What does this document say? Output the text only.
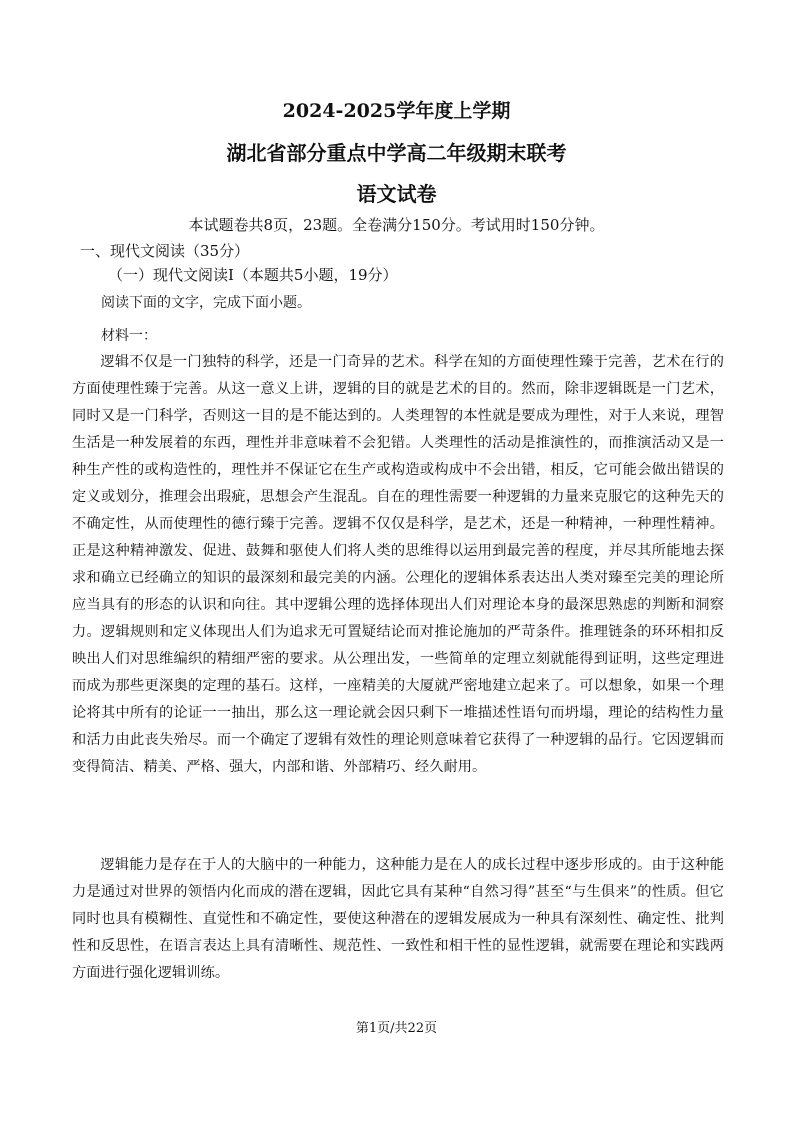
2024-2025学年度上学期
湖北省部分重点中学高二年级期末联考
语文试卷
本试题卷共8页，23题。全卷满分150分。考试用时150分钟。
一、现代文阅读（35分）
（一）现代文阅读Ⅰ（本题共5小题，19分）
阅读下面的文字，完成下面小题。
材料一：

逻辑不仅是一门独特的科学，还是一门奇异的艺术。科学在知的方面使理性臻于完善，艺术在行的方面使理性臻于完善。从这一意义上讲，逻辑的目的就是艺术的目的。然而，除非逻辑既是一门艺术，同时又是一门科学，否则这一目的是不能达到的。人类理智的本性就是要成为理性，对于人来说，理智生活是一种发展着的东西，理性并非意味着不会犯错。人类理性的活动是推演性的，而推演活动又是一种生产性的或构造性的，理性并不保证它在生产或构造或构成中不会出错，相反，它可能会做出错误的定义或划分，推理会出瑕疵，思想会产生混乱。自在的理性需要一种逻辑的力量来克服它的这种先天的不确定性，从而使理性的德行臻于完善。逻辑不仅仅是科学，是艺术，还是一种精神，一种理性精神。正是这种精神激发、促进、鼓舞和驱使人们将人类的思维得以运用到最完善的程度，并尽其所能地去探求和确立已经确立的知识的最深刻和最完美的内涵。公理化的逻辑体系表达出人类对臻至完美的理论所应当具有的形态的认识和向往。其中逻辑公理的选择体现出人们对理论本身的最深思熟虑的判断和洞察力。逻辑规则和定义体现出人们为追求无可置疑结论而对推论施加的严苛条件。推理链条的环环相扣反映出人们对思维编织的精细严密的要求。从公理出发，一些简单的定理立刻就能得到证明，这些定理进而成为那些更深奥的定理的基石。这样，一座精美的大厦就严密地建立起来了。可以想象，如果一个理论将其中所有的论证一一抽出，那么这一理论就会因只剩下一堆描述性语句而坍塌，理论的结构性力量和活力由此丧失殆尽。而一个确定了逻辑有效性的理论则意味着它获得了一种逻辑的品行。它因逻辑而变得简洁、精美、严格、强大，内部和谐、外部精巧、经久耐用。

逻辑能力是存在于人的大脑中的一种能力，这种能力是在人的成长过程中逐步形成的。由于这种能力是通过对世界的领悟内化而成的潜在逻辑，因此它具有某种“自然习得”甚至“与生俱来”的性质。但它同时也具有模糊性、直觉性和不确定性，要使这种潜在的逻辑发展成为一种具有深刻性、确定性、批判性和反思性，在语言表达上具有清晰性、规范性、一致性和相干性的显性逻辑，就需要在理论和实践两方面进行强化逻辑训练。

第1页/共22页
